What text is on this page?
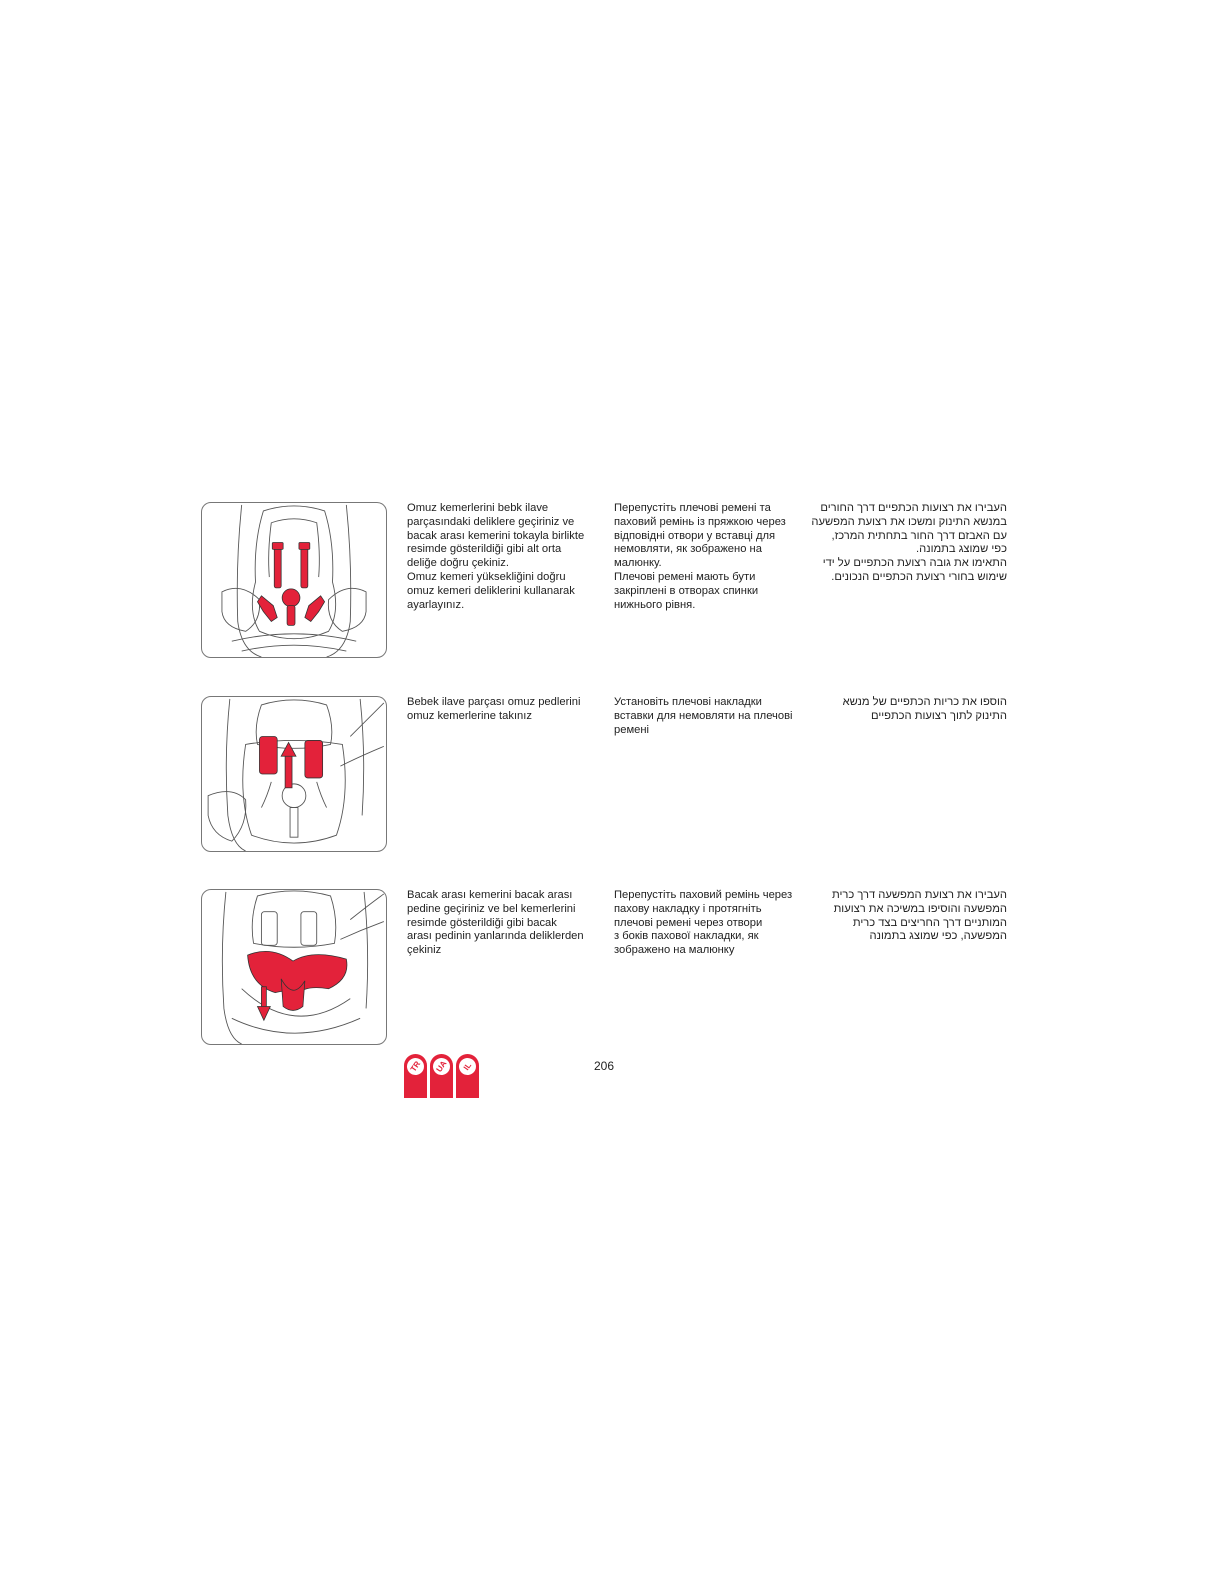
Omuz kemerlerini bebk ilave
parçasındaki deliklere geçiriniz ve
bacak arası kemerini tokayla birlikte
resimde gösterildiği gibi alt orta
deliğe doğru çekiniz.
Omuz kemeri yüksekliğini doğru
omuz kemeri deliklerini kullanarak
ayarlayınız.
Перепустіть плечові ремені та
паховий ремінь із пряжкою через
відповідні отвори у вставці для
немовляти, як зображено на
малюнку.
Плечові ремені мають бути
закріплені в отворах спинки
нижнього рівня.
העבירו את רצועות הכתפיים דרך החורים
במנשא התינוק ומשכו את רצועת המפשעה
עם האבזם דרך החור בתחתית המרכז,
כפי שמוצג בתמונה.
התאימו את גובה רצועת הכתפיים על ידי
שימוש בחורי רצועת הכתפיים הנכונים.
Bebek ilave parçası omuz pedlerini
omuz kemerlerine takınız
Установіть плечові накладки
вставки для немовляти на плечові
ремені
הוספו את כריות הכתפיים של מנשא
התינוק לתוך רצועות הכתפיים
Bacak arası kemerini bacak arası
pedine geçiriniz ve bel kemerlerini
resimde gösterildiği gibi bacak
arası pedinin yanlarında deliklerden
çekiniz
Перепустіть паховий ремінь через
пахову накладку і протягніть
плечові ремені через отвори
з боків пахової накладки, як
зображено на малюнку
העבירו את רצועת המפשעה דרך כרית
המפשעה והוסיפו במשיכה את רצועות
המותניים דרך החריצים בצד כרית
המפשעה, כפי שמוצג בתמונה
TR	UA	IL	206
